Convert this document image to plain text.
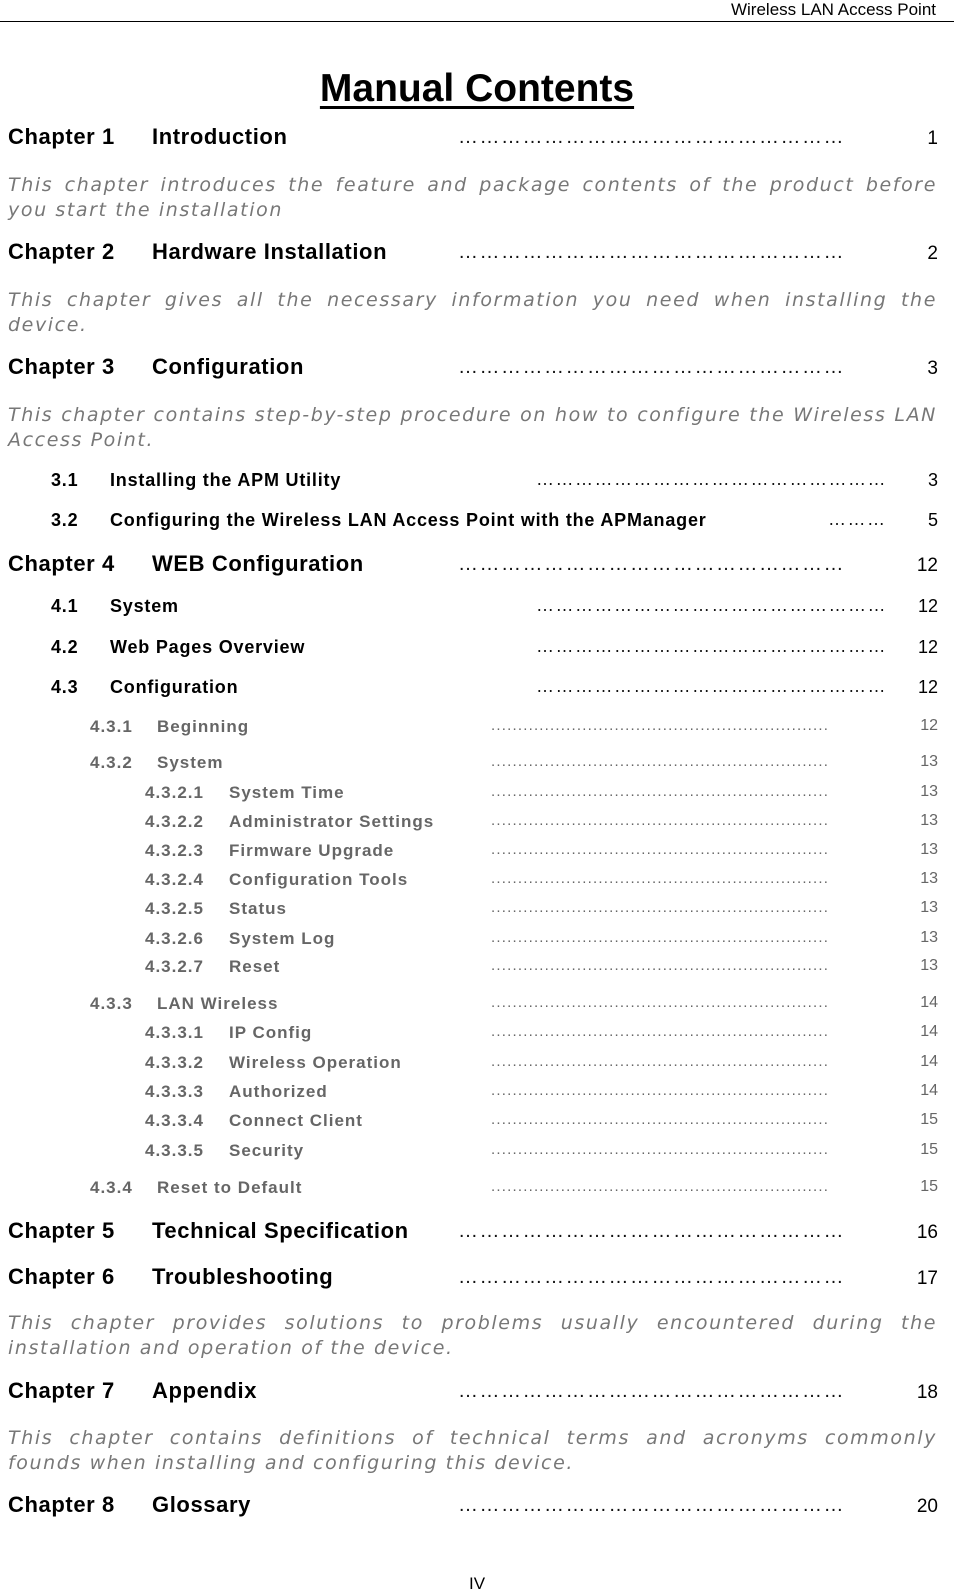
Wireless LAN Access Point
Manual Contents
Chapter 1 Introduction	………………………………………………	1
This chapter introduces the feature and package contents of the product before you start the installation
Chapter 2 Hardware Installation	………………………………………………	2
This chapter gives all the necessary information you need when installing the device.
Chapter 3 Configuration	………………………………………………	3
This chapter contains step-by-step procedure on how to configure the Wireless LAN Access Point.
3.1 Installing the APM Utility	………………………………………………	3
3.2 Configuring the Wireless LAN Access Point with the APManager	………	5
Chapter 4 WEB Configuration	………………………………………………	12
4.1 System	………………………………………………	12
4.2 Web Pages Overview	………………………………………………	12
4.3 Configuration	………………………………………………	12
4.3.1 Beginning	...............................................................	12
4.3.2 System	...............................................................	13
4.3.2.1 System Time	...............................................................	13
4.3.2.2 Administrator Settings	...............................................................	13
4.3.2.3 Firmware Upgrade	...............................................................	13
4.3.2.4 Configuration Tools	...............................................................	13
4.3.2.5 Status	...............................................................	13
4.3.2.6 System Log	...............................................................	13
4.3.2.7 Reset	...............................................................	13
4.3.3 LAN Wireless	...............................................................	14
4.3.3.1 IP Config	...............................................................	14
4.3.3.2 Wireless Operation	...............................................................	14
4.3.3.3 Authorized	...............................................................	14
4.3.3.4 Connect Client	...............................................................	15
4.3.3.5 Security	...............................................................	15
4.3.4 Reset to Default	...............................................................	15
Chapter 5 Technical Specification ………………………………………………	16
Chapter 6 Troubleshooting	………………………………………………	17
This chapter provides solutions to problems usually encountered during the installation and operation of the device.
Chapter 7 Appendix	………………………………………………	18
This chapter contains definitions of technical terms and acronyms commonly founds when installing and configuring this device.
Chapter 8 Glossary	………………………………………………	20
IV
